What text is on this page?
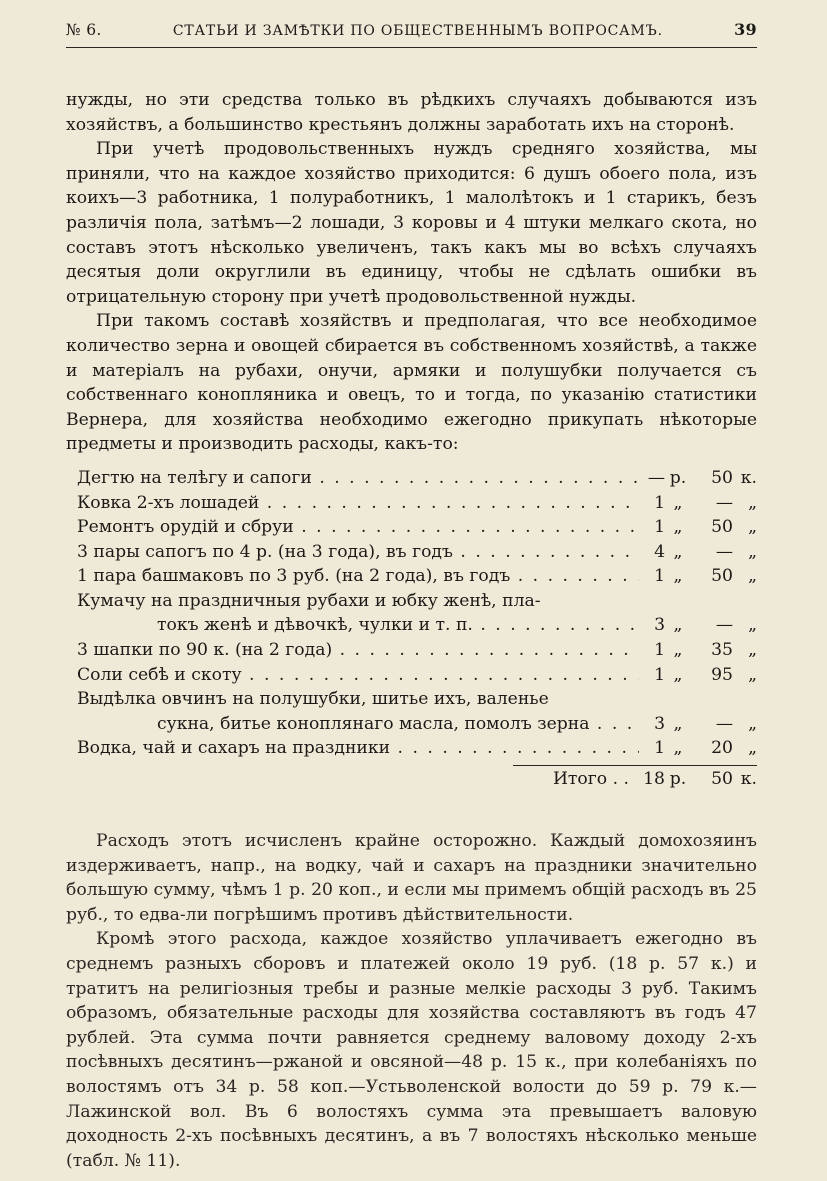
№ 6.	СТАТЬИ И ЗАМѢТКИ ПО ОБЩЕСТВЕННЫМЪ ВОПРОСАМЪ.	39

нужды, но эти средства только въ рѣдкихъ случаяхъ добываются изъ хозяйствъ, а большинство крестьянъ должны заработать ихъ на сторонѣ.

При учетѣ продовольственныхъ нуждъ средняго хозяйства, мы приняли, что на каждое хозяйство приходится: 6 душъ обоего пола, изъ коихъ—3 работника, 1 полуработникъ, 1 малолѣтокъ и 1 старикъ, безъ различія пола, затѣмъ—2 лошади, 3 коровы и 4 штуки мелкаго скота, но составъ этотъ нѣсколько увеличенъ, такъ какъ мы во всѣхъ случаяхъ десятыя доли округлили въ единицу, чтобы не сдѣлать ошибки въ отрицательную сторону при учетѣ продовольственной нужды.

При такомъ составѣ хозяйствъ и предполагая, что все необходимое количество зерна и овощей сбирается въ собственномъ хозяйствѣ, а также и матеріалъ на рубахи, онучи, армяки и полушубки получается съ собственнаго конопляника и овецъ, то и тогда, по указанію статистики Вернера, для хозяйства необходимо ежегодно прикупать нѣкоторые предметы и производить расходы, какъ-то:

Дегтю на телѣгу и сапоги . . .	— р.	50 к.
Ковка 2-хъ лошадей . . .	1 „	— „
Ремонтъ орудій и сбруи . . .	1 „	50 „
3 пары сапогъ по 4 р. (на 3 года), въ годъ . . .	4 „	— „
1 пара башмаковъ по 3 руб. (на 2 года), въ годъ . . .	1 „	50 „
Кумачу на праздничныя рубахи и юбку женѣ, пла-
токъ женѣ и дѣвочкѣ, чулки и т. п. . . .	3 „	— „
3 шапки по 90 к. (на 2 года) . . .	1 „	35 „
Соли себѣ и скоту . . .	1 „	95 „
Выдѣлка овчинъ на полушубки, шитье ихъ, валенье
сукна, битье коноплянаго масла, помолъ зерна . . .	3 „	— „
Водка, чай и сахаръ на праздники . . .	1 „	20 „
Итого . . 18 р.	50 к.

Расходъ этотъ исчисленъ крайне осторожно. Каждый домохозяинъ издерживаетъ, напр., на водку, чай и сахаръ на праздники значительно большую сумму, чѣмъ 1 р. 20 коп., и если мы примемъ общій расходъ въ 25 руб., то едва-ли погрѣшимъ противъ дѣйствительности.

Кромѣ этого расхода, каждое хозяйство уплачиваетъ ежегодно въ среднемъ разныхъ сборовъ и платежей около 19 руб. (18 р. 57 к.) и тратитъ на религіозныя требы и разные мелкіе расходы 3 руб. Такимъ образомъ, обязательные расходы для хозяйства составляютъ въ годъ 47 рублей. Эта сумма почти равняется среднему валовому доходу 2-хъ посѣвныхъ десятинъ—ржаной и овсяной—48 р. 15 к., при колебаніяхъ по волостямъ отъ 34 р. 58 коп.—Устьволенской волости до 59 р. 79 к.—Лажинской вол. Въ 6 волостяхъ сумма эта превышаетъ валовую доходность 2-хъ посѣвныхъ десятинъ, а въ 7 волостяхъ нѣсколько меньше (табл. № 11).
